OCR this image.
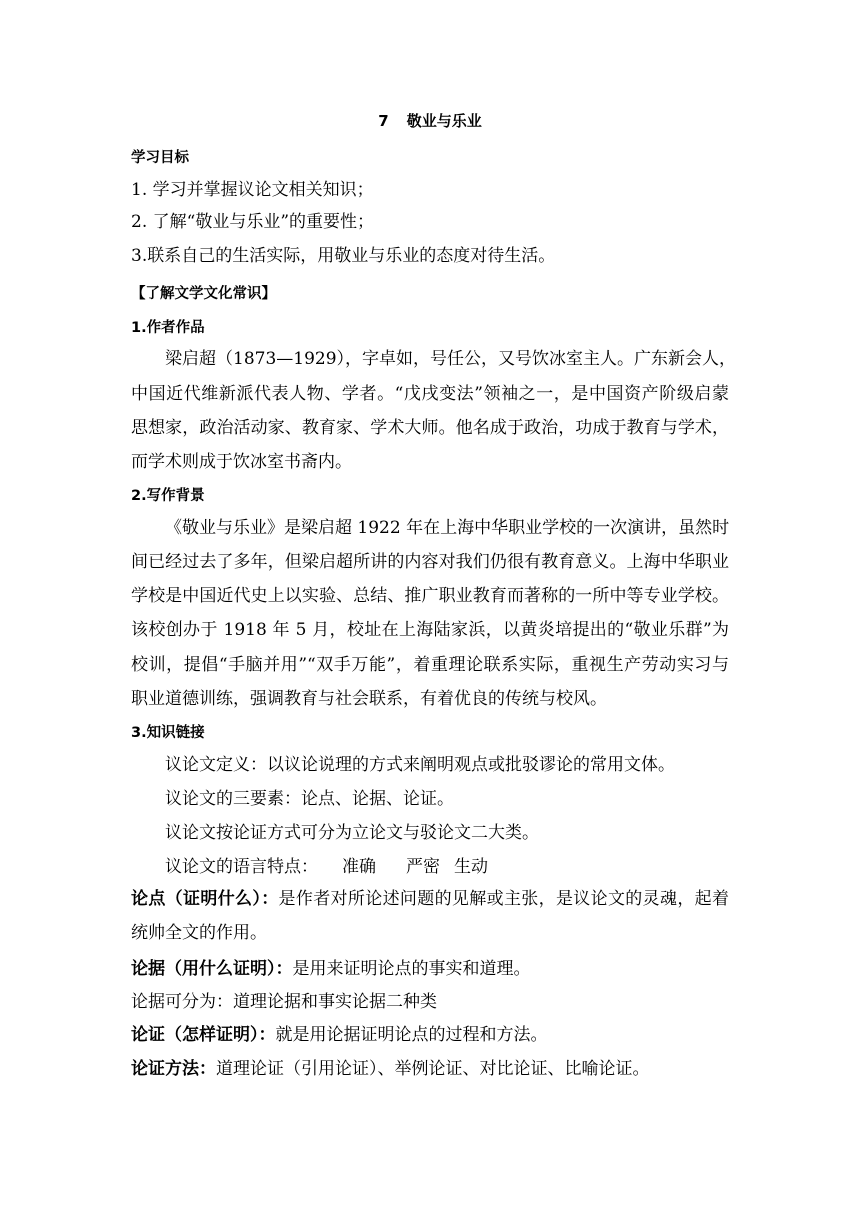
7 敬业与乐业
学习目标
1. 学习并掌握议论文相关知识；
2. 了解“敬业与乐业”的重要性；
3.联系自己的生活实际，用敬业与乐业的态度对待生活。
【了解文学文化常识】
1.作者作品
梁启超（1873—1929），字卓如，号任公，又号饮冰室主人。广东新会人，
中国近代维新派代表人物、学者。“戊戌变法”领袖之一，是中国资产阶级启蒙
思想家，政治活动家、教育家、学术大师。他名成于政治，功成于教育与学术，
而学术则成于饮冰室书斋内。
2.写作背景
《敬业与乐业》是梁启超 1922 年在上海中华职业学校的一次演讲，虽然时
间已经过去了多年，但梁启超所讲的内容对我们仍很有教育意义。上海中华职业
学校是中国近代史上以实验、总结、推广职业教育而著称的一所中等专业学校。
该校创办于 1918 年 5 月，校址在上海陆家浜，以黄炎培提出的“敬业乐群”为
校训，提倡“手脑并用”“双手万能”，着重理论联系实际，重视生产劳动实习与
职业道德训练，强调教育与社会联系，有着优良的传统与校风。
3.知识链接
议论文定义：以议论说理的方式来阐明观点或批驳谬论的常用文体。
议论文的三要素：论点、论据、论证。
议论文按论证方式可分为立论文与驳论文二大类。
议论文的语言特点： 准确 严密 生动
论点（证明什么）：是作者对所论述问题的见解或主张，是议论文的灵魂，起着
统帅全文的作用。
论据（用什么证明）：是用来证明论点的事实和道理。
论据可分为：道理论据和事实论据二种类
论证（怎样证明）：就是用论据证明论点的过程和方法。
论证方法：道理论证（引用论证）、举例论证、对比论证、比喻论证。
